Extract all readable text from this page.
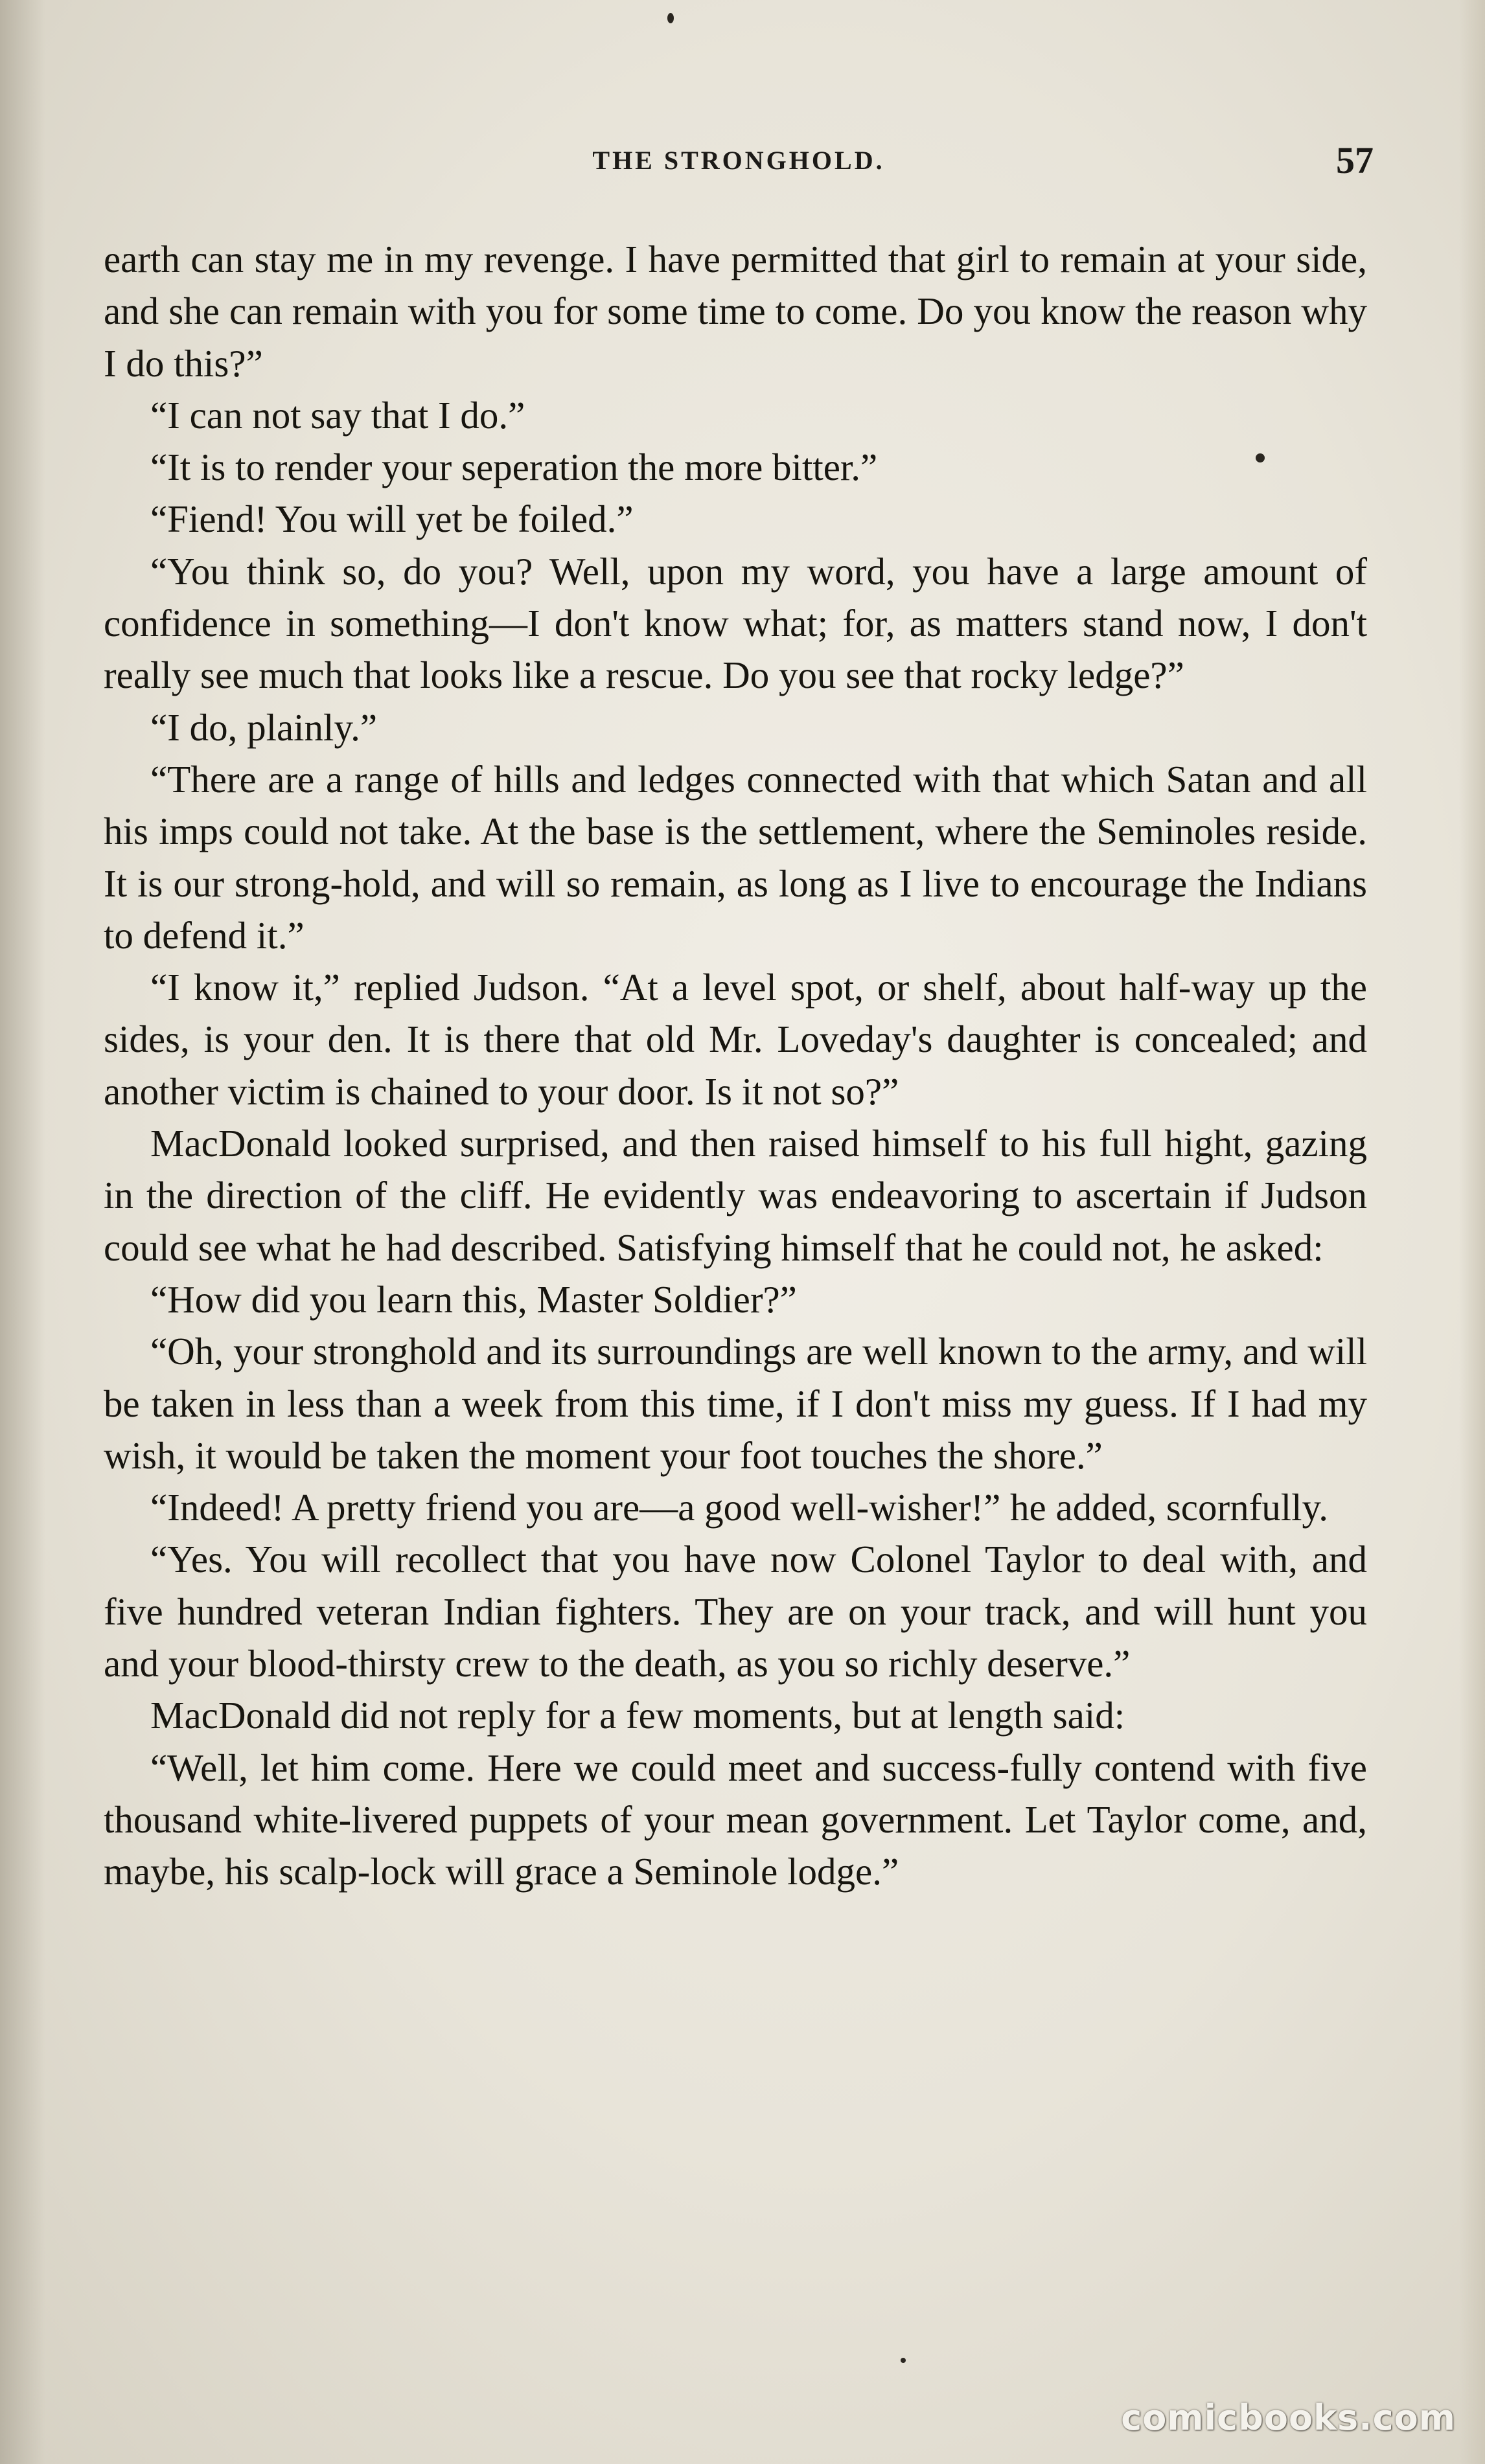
THE STRONGHOLD.	57

earth can stay me in my revenge. I have permitted that girl to remain at your side, and she can remain with you for some time to come. Do you know the reason why I do this?”

“I can not say that I do.”

“It is to render your seperation the more bitter.”

“Fiend! You will yet be foiled.”

“You think so, do you? Well, upon my word, you have a large amount of confidence in something—I don't know what; for, as matters stand now, I don't really see much that looks like a rescue. Do you see that rocky ledge?”

“I do, plainly.”

“There are a range of hills and ledges connected with that which Satan and all his imps could not take. At the base is the settlement, where the Seminoles reside. It is our strong-hold, and will so remain, as long as I live to encourage the Indians to defend it.”

“I know it,” replied Judson. “At a level spot, or shelf, about half-way up the sides, is your den. It is there that old Mr. Loveday's daughter is concealed; and another victim is chained to your door. Is it not so?”

MacDonald looked surprised, and then raised himself to his full hight, gazing in the direction of the cliff. He evidently was endeavoring to ascertain if Judson could see what he had described. Satisfying himself that he could not, he asked:

“How did you learn this, Master Soldier?”

“Oh, your stronghold and its surroundings are well known to the army, and will be taken in less than a week from this time, if I don't miss my guess. If I had my wish, it would be taken the moment your foot touches the shore.”

“Indeed! A pretty friend you are—a good well-wisher!” he added, scornfully.

“Yes. You will recollect that you have now Colonel Taylor to deal with, and five hundred veteran Indian fighters. They are on your track, and will hunt you and your blood-thirsty crew to the death, as you so richly deserve.”

MacDonald did not reply for a few moments, but at length said:

“Well, let him come. Here we could meet and success-fully contend with five thousand white-livered puppets of your mean government. Let Taylor come, and, maybe, his scalp-lock will grace a Seminole lodge.”

comicbooks.com
